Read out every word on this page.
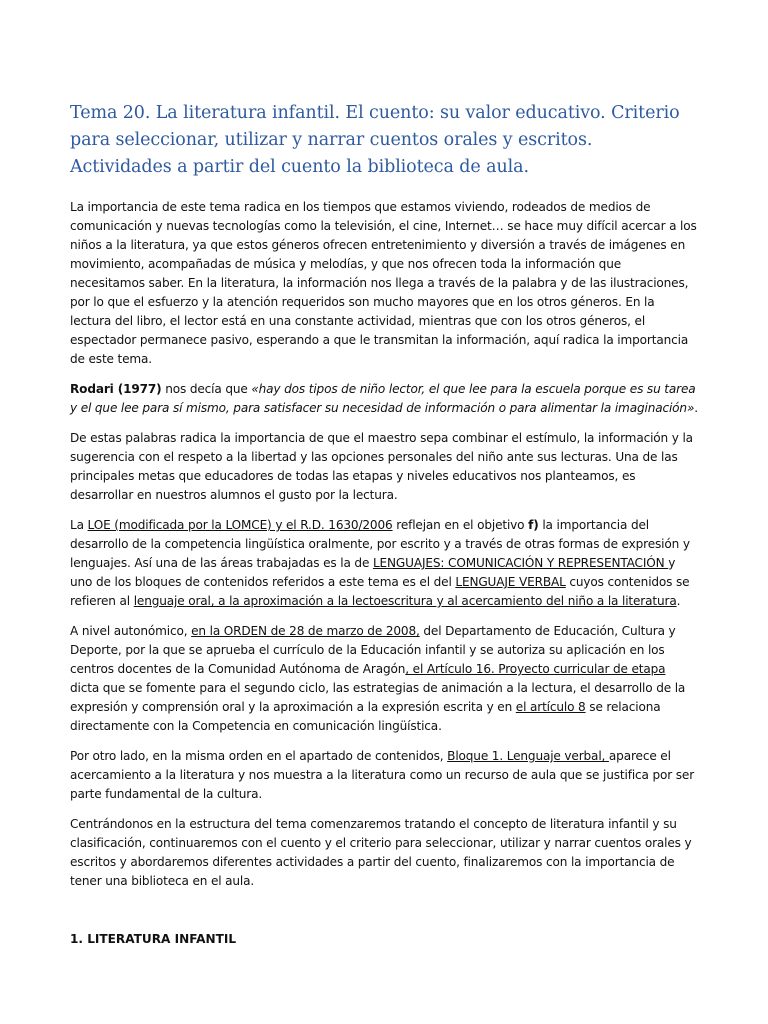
Tema 20. La literatura infantil. El cuento: su valor educativo. Criterio para seleccionar, utilizar y narrar cuentos orales y escritos. Actividades a partir del cuento la biblioteca de aula.

La importancia de este tema radica en los tiempos que estamos viviendo, rodeados de medios de comunicación y nuevas tecnologías como la televisión, el cine, Internet… se hace muy difícil acercar a los niños a la literatura, ya que estos géneros ofrecen entretenimiento y diversión a través de imágenes en movimiento, acompañadas de música y melodías, y que nos ofrecen toda la información que necesitamos saber. En la literatura, la información nos llega a través de la palabra y de las ilustraciones, por lo que el esfuerzo y la atención requeridos son mucho mayores que en los otros géneros. En la lectura del libro, el lector está en una constante actividad, mientras que con los otros géneros, el espectador permanece pasivo, esperando a que le transmitan la información, aquí radica la importancia de este tema.

Rodari (1977) nos decía que «hay dos tipos de niño lector, el que lee para la escuela porque es su tarea y el que lee para sí mismo, para satisfacer su necesidad de información o para alimentar la imaginación».

De estas palabras radica la importancia de que el maestro sepa combinar el estímulo, la información y la sugerencia con el respeto a la libertad y las opciones personales del niño ante sus lecturas. Una de las principales metas que educadores de todas las etapas y niveles educativos nos planteamos, es desarrollar en nuestros alumnos el gusto por la lectura.

La LOE (modificada por la LOMCE) y el R.D. 1630/2006 reflejan en el objetivo f) la importancia del desarrollo de la competencia lingüística oralmente, por escrito y a través de otras formas de expresión y lenguajes. Así una de las áreas trabajadas es la de LENGUAJES: COMUNICACIÓN Y REPRESENTACIÓN y uno de los bloques de contenidos referidos a este tema es el del LENGUAJE VERBAL cuyos contenidos se refieren al lenguaje oral, a la aproximación a la lectoescritura y al acercamiento del niño a la literatura.

A nivel autonómico, en la ORDEN de 28 de marzo de 2008, del Departamento de Educación, Cultura y Deporte, por la que se aprueba el currículo de la Educación infantil y se autoriza su aplicación en los centros docentes de la Comunidad Autónoma de Aragón, el Artículo 16. Proyecto curricular de etapa dicta que se fomente para el segundo ciclo, las estrategias de animación a la lectura, el desarrollo de la expresión y comprensión oral y la aproximación a la expresión escrita y en el artículo 8 se relaciona directamente con la Competencia en comunicación lingüística.

Por otro lado, en la misma orden en el apartado de contenidos, Bloque 1. Lenguaje verbal, aparece el acercamiento a la literatura y nos muestra a la literatura como un recurso de aula que se justifica por ser parte fundamental de la cultura.

Centrándonos en la estructura del tema comenzaremos tratando el concepto de literatura infantil y su clasificación, continuaremos con el cuento y el criterio para seleccionar, utilizar y narrar cuentos orales y escritos y abordaremos diferentes actividades a partir del cuento, finalizaremos con la importancia de tener una biblioteca en el aula.

1. LITERATURA INFANTIL
